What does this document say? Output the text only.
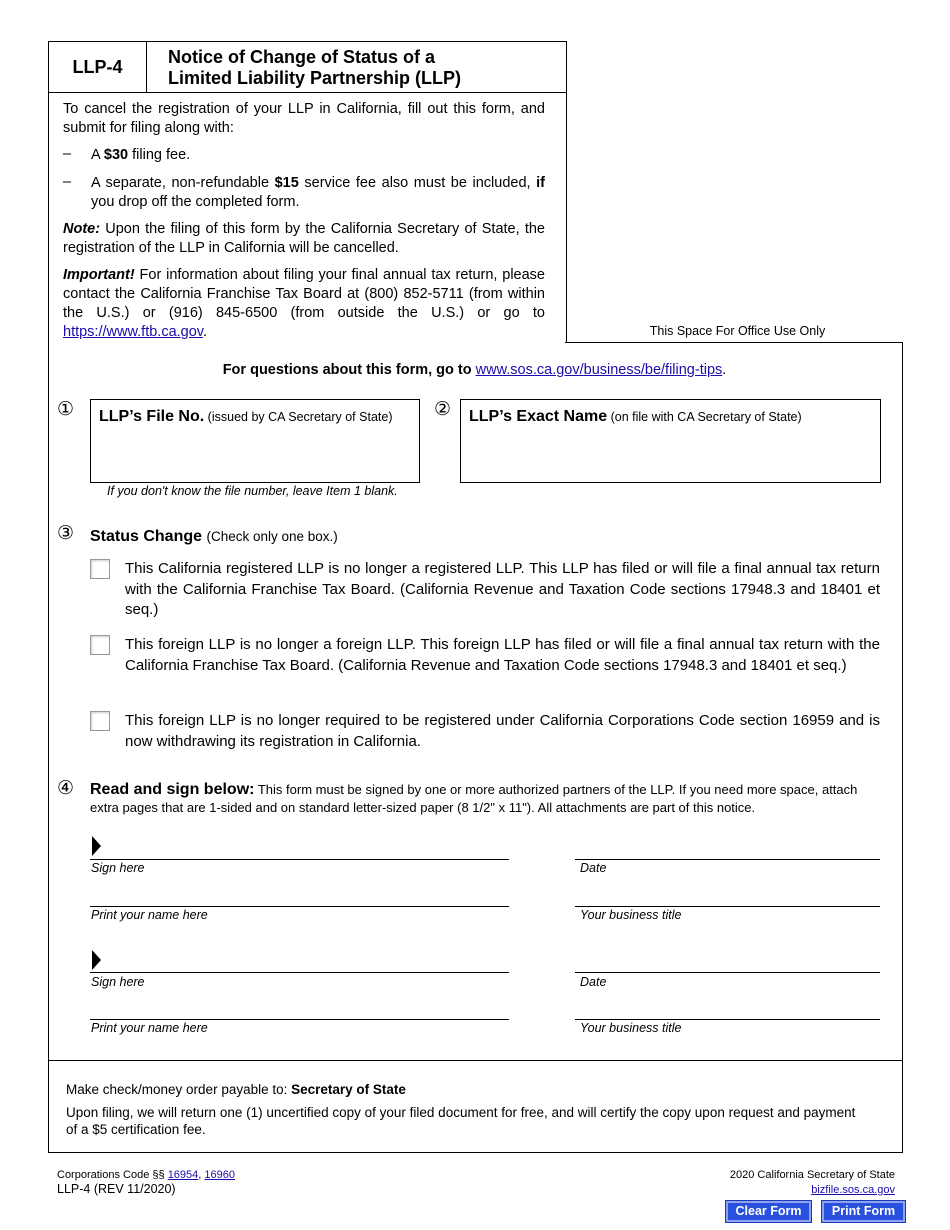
LLP-4	Notice of Change of Status of a
Limited Liability Partnership (LLP)

To cancel the registration of your LLP in California, fill out this form, and submit for filing along with:

–	A $30 filing fee.

–	A separate, non-refundable $15 service fee also must be included, if you drop off the completed form.

Note: Upon the filing of this form by the California Secretary of State, the registration of the LLP in California will be cancelled.

Important! For information about filing your final annual tax return, please contact the California Franchise Tax Board at (800) 852-5711 (from within the U.S.) or (916) 845-6500 (from outside the U.S.) or go to https://www.ftb.ca.gov.	This Space For Office Use Only
For questions about this form, go to www.sos.ca.gov/business/be/filing-tips.
① LLP’s File No. (issued by CA Secretary of State)
If you don't know the file number, leave Item 1 blank.
② LLP’s Exact Name (on file with CA Secretary of State)
③ Status Change (Check only one box.)
This California registered LLP is no longer a registered LLP. This LLP has filed or will file a final annual tax return with the California Franchise Tax Board. (California Revenue and Taxation Code sections 17948.3 and 18401 et seq.)
This foreign LLP is no longer a foreign LLP. This foreign LLP has filed or will file a final annual tax return with the California Franchise Tax Board. (California Revenue and Taxation Code sections 17948.3 and 18401 et seq.)
This foreign LLP is no longer required to be registered under California Corporations Code section 16959 and is now withdrawing its registration in California.
④ Read and sign below: This form must be signed by one or more authorized partners of the LLP. If you need more space, attach extra pages that are 1-sided and on standard letter-sized paper (8 1/2" x 11"). All attachments are part of this notice.
Sign here	Date
Print your name here	Your business title
Sign here	Date
Print your name here	Your business title
Make check/money order payable to: Secretary of State
Upon filing, we will return one (1) uncertified copy of your filed document for free, and will certify the copy upon request and payment of a $5 certification fee.
Corporations Code §§ 16954, 16960
LLP-4 (REV 11/2020)
2020 California Secretary of State
bizfile.sos.ca.gov
Clear Form	Print Form
